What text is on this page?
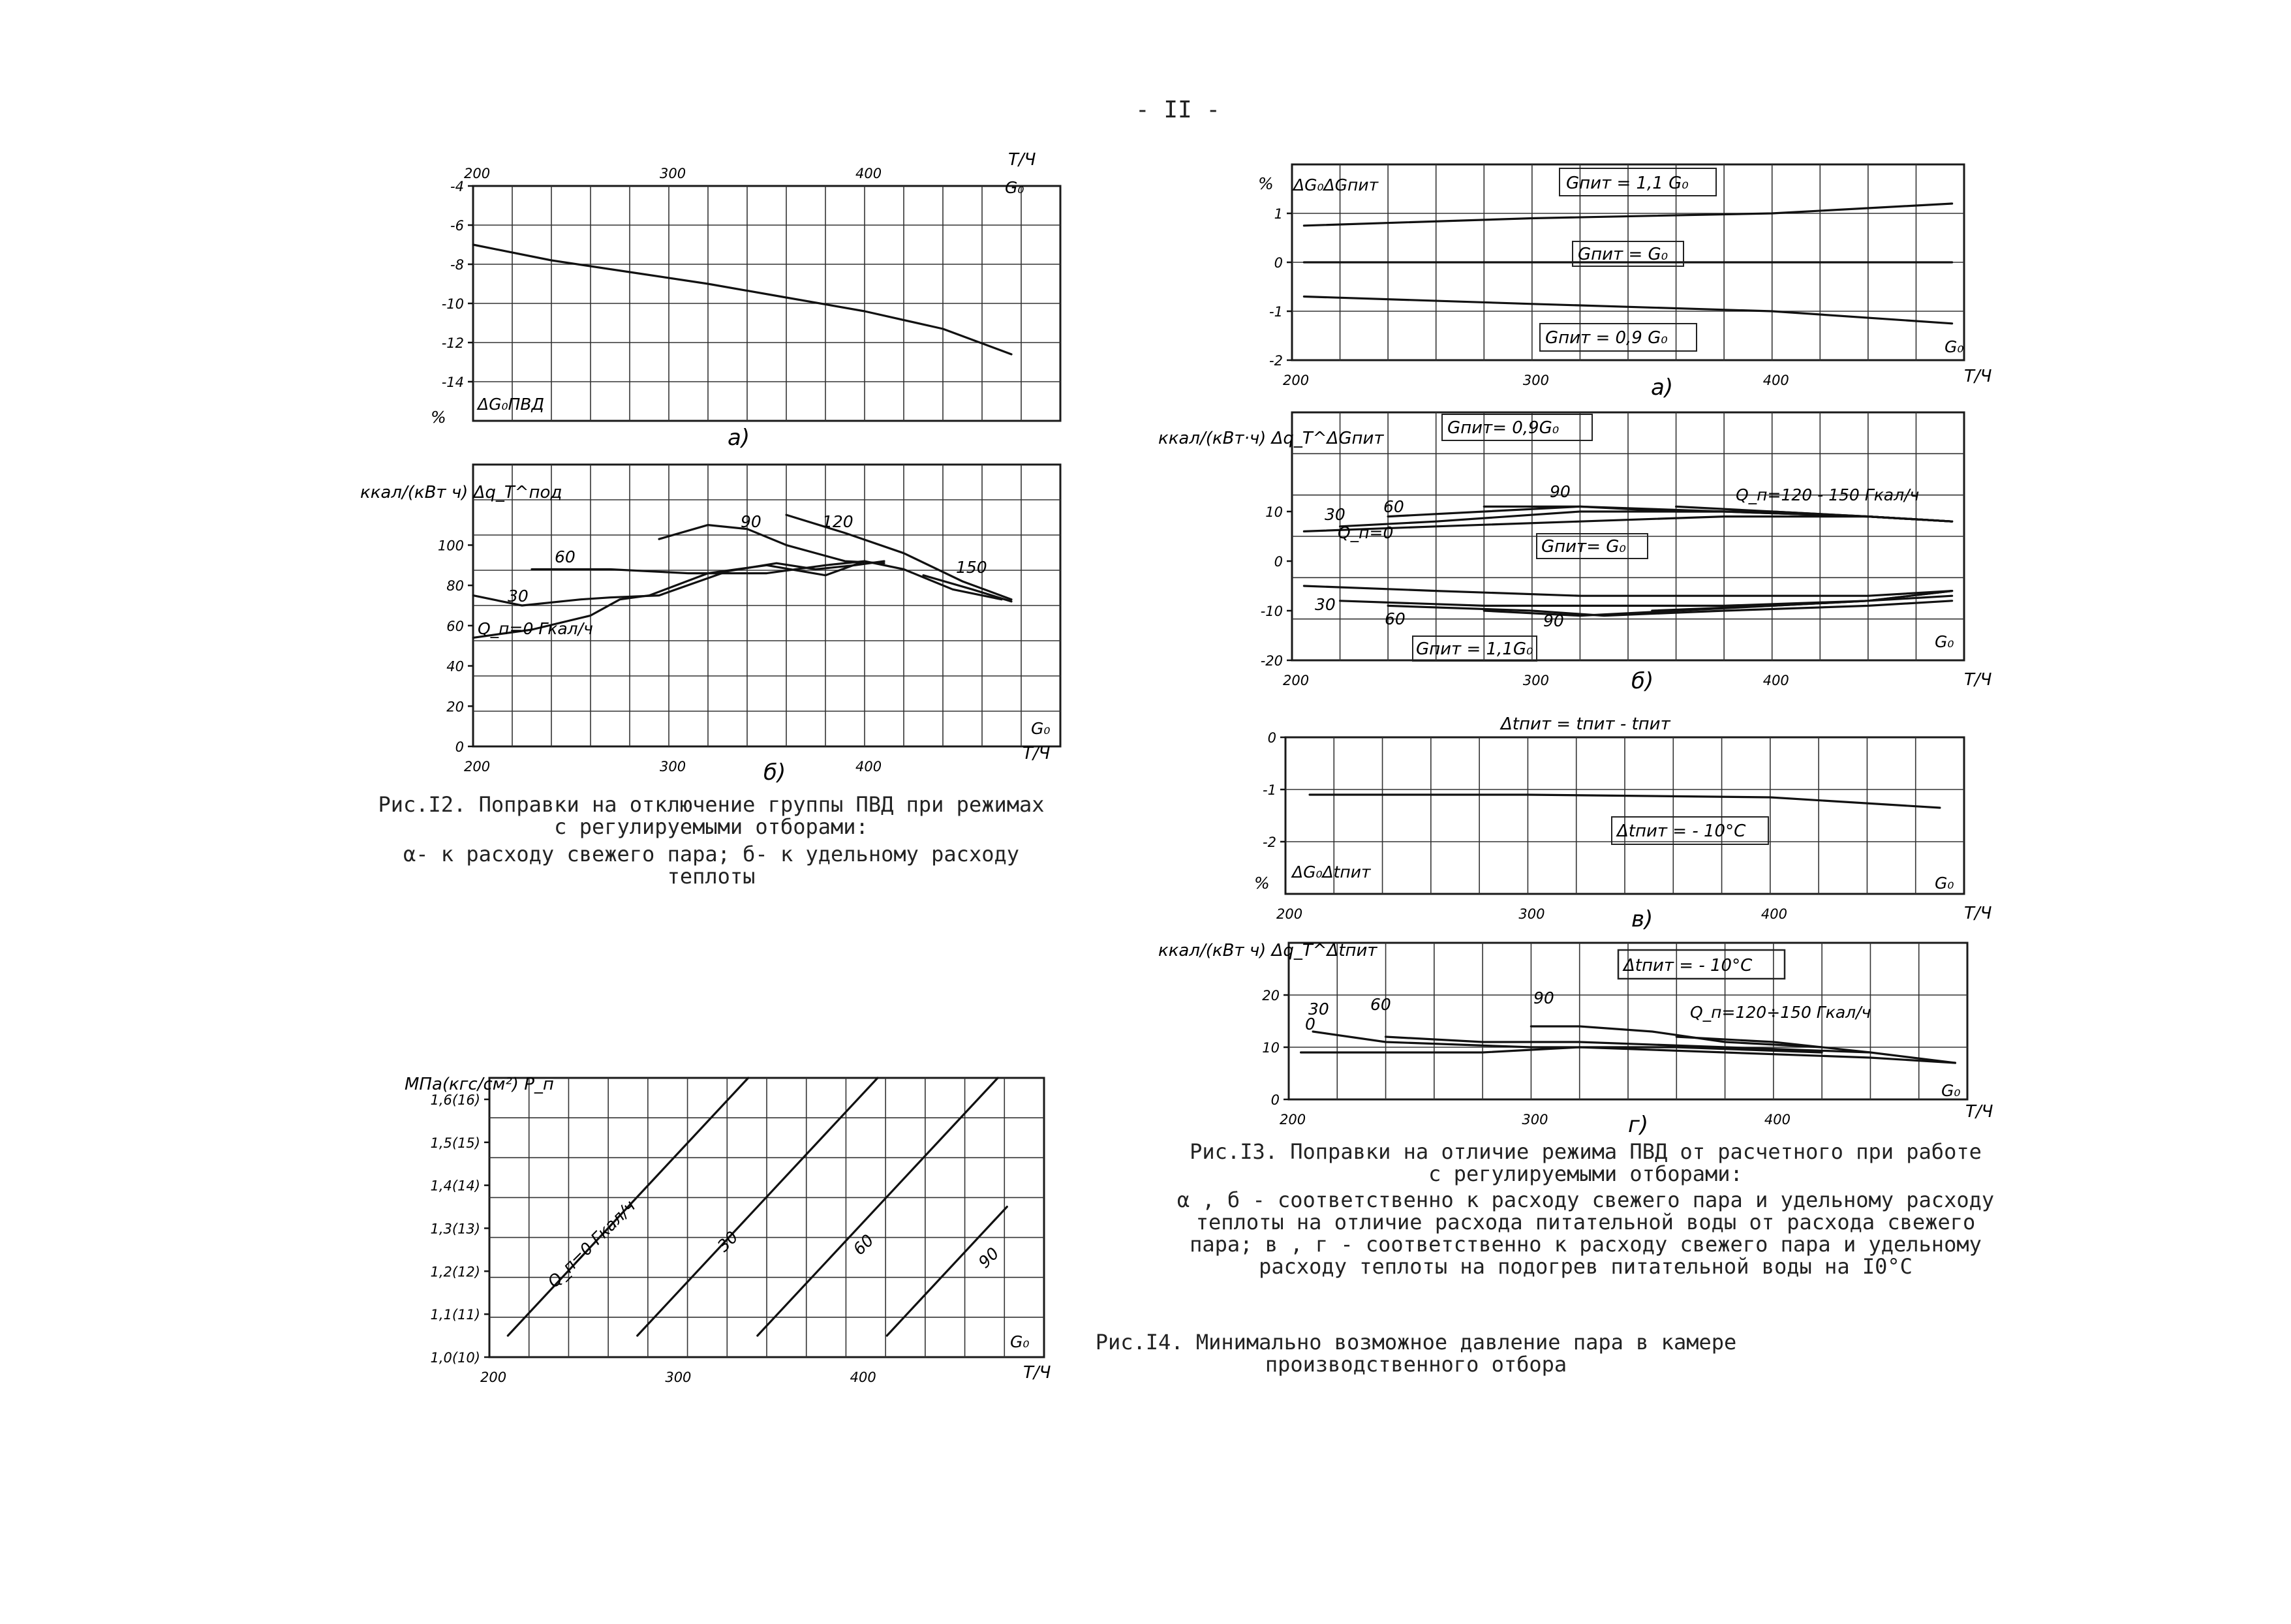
200	300	400
-4
-6
-8
-10
-12
-14
200	300	400
0
20
40
60
80
100
200	300	400
1,0(10)
1,1(11)
1,2(12)
1,3(13)
1,4(14)
1,5(15)
1,6(16)
200	300	400
-2
-1
0
1
200	300	400
-20
-10
0
10
200	300	400
-2
-1
0
200	300	400
0
10
20
Т/Ч
G₀
%
ΔG₀ПВД
а)
ккал/(кВт ч) Δq_Т^под
G₀
Т/Ч
б)
Q_п=0 Гкал/ч
30
60
90	120
150
МПа(кгс/см²) P_п
G₀
Т/Ч
Q_п=0 Гкал/ч	30	60	90
% ΔG₀ΔGпит
G₀
Т/Ч
а)
Gпит = 1,1 G₀
Gпит = G₀
Gпит = 0,9 G₀
ккал/(кВт·ч) Δq_Т^ΔGпит
G₀
Т/Ч
б)
Gпит= 0,9G₀
Gпит= G₀
Gпит = 1,1G₀
Q_п=120 - 150 Гкал/ч
Q_п=0
30 60
90
30
60	90
Δtпит = tпит - tпит
%
ΔG₀Δtпит
G₀
Т/Ч
в)
Δtпит = - 10°С
ккал/(кВт ч) Δq_Т^Δtпит
G₀
Т/Ч
г)
Δtпит = - 10°С
Q_п=120÷150 Гкал/ч
0
30	60	90
- II -
Рис.I2. Поправки на отключение группы ПВД при режимах
с регулируемыми отборами:
α- к расходу свежего пара; б- к удельному расходу
теплоты
Рис.I3. Поправки на отличие режима ПВД от расчетного при работе
с регулируемыми отборами:
α , б - соответственно к расходу свежего пара и удельному расходу
теплоты на отличие расхода питательной воды от расхода свежего
пара; в , г - соответственно к расходу свежего пара и удельному
расходу теплоты на подогрев питательной воды на I0°С
Рис.I4. Минимально возможное давление пара в камере
производственного отбора
